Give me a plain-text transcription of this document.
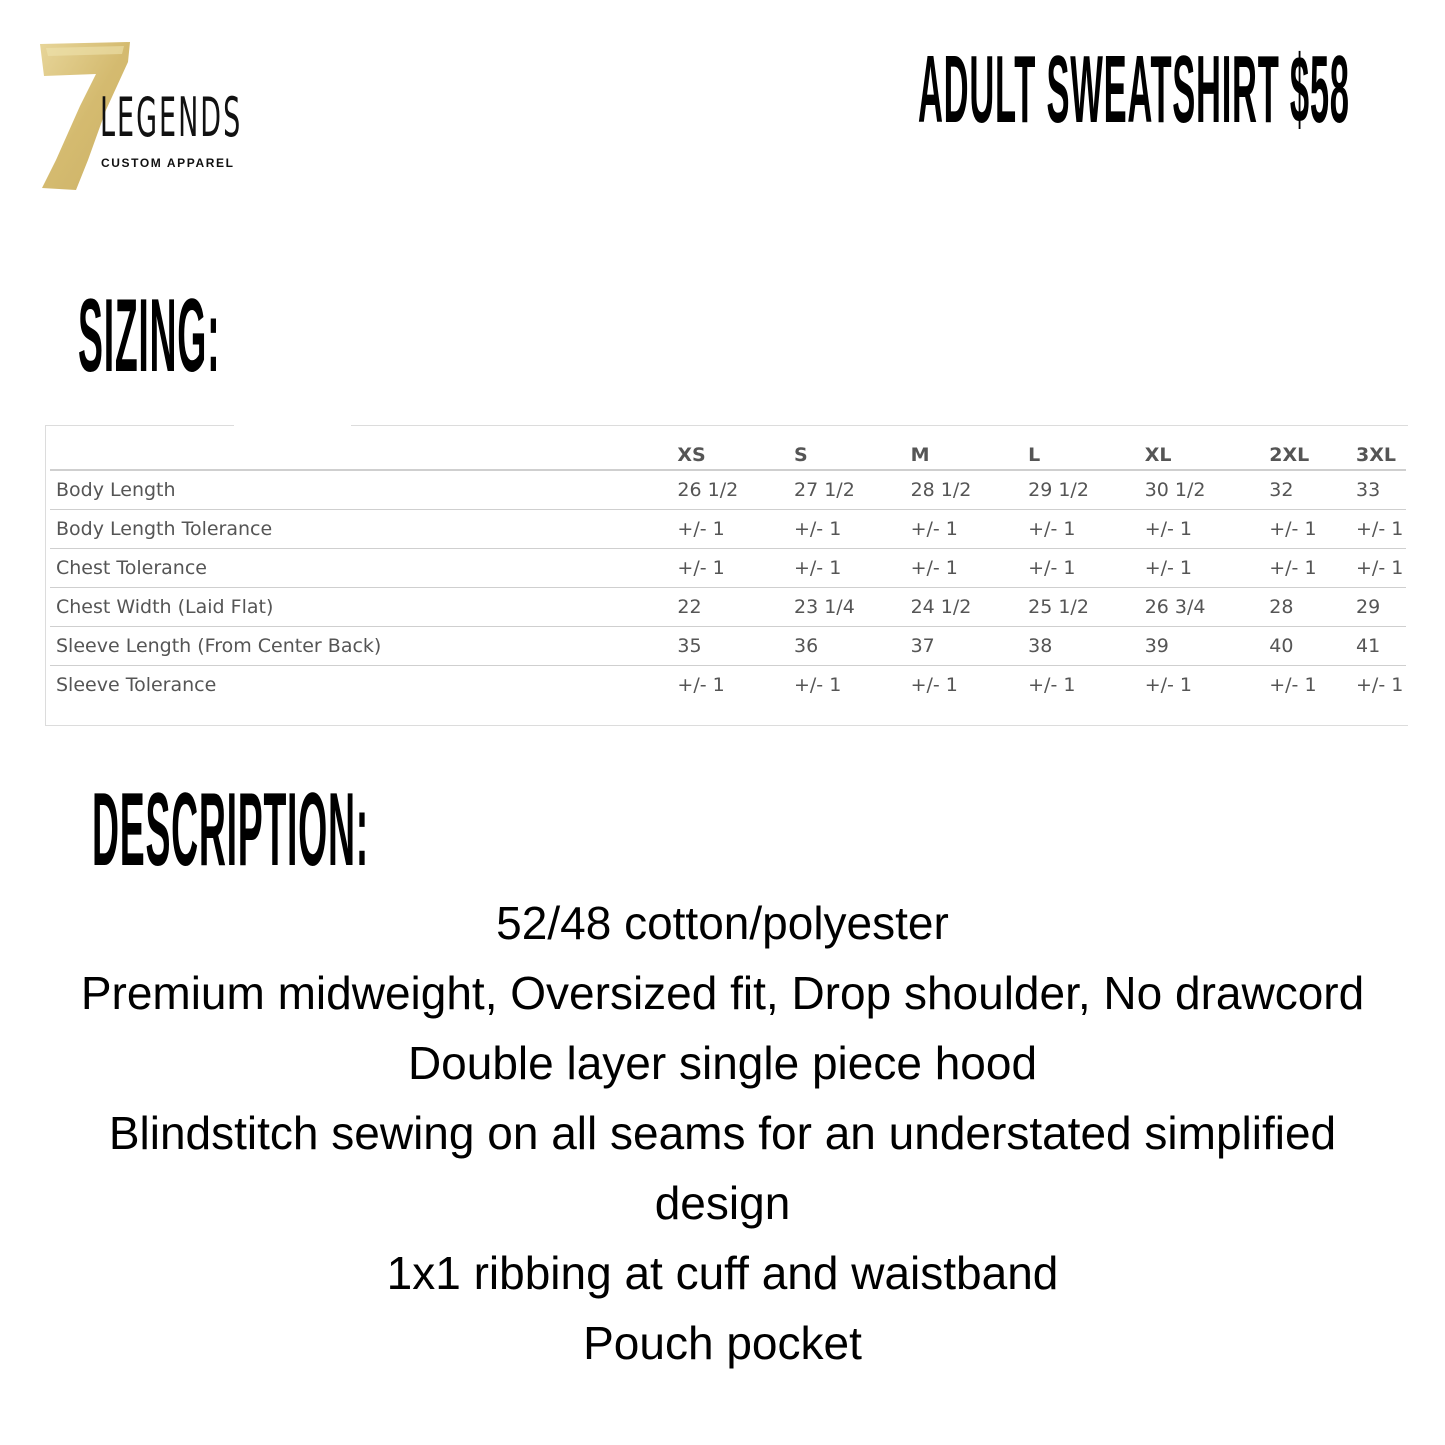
LEGENDS
CUSTOM APPAREL
ADULT SWEATSHIRT $58
SIZING:
	XS	S	M	L	XL	2XL	3XL
Body Length	26 1/2	27 1/2	28 1/2	29 1/2	30 1/2	32	33
Body Length Tolerance	+/- 1	+/- 1	+/- 1	+/- 1	+/- 1	+/- 1	+/- 1
Chest Tolerance	+/- 1	+/- 1	+/- 1	+/- 1	+/- 1	+/- 1	+/- 1
Chest Width (Laid Flat)	22	23 1/4	24 1/2	25 1/2	26 3/4	28	29
Sleeve Length (From Center Back)	35	36	37	38	39	40	41
Sleeve Tolerance	+/- 1	+/- 1	+/- 1	+/- 1	+/- 1	+/- 1	+/- 1
DESCRIPTION:
52/48 cotton/polyester
Premium midweight, Oversized fit, Drop shoulder, No drawcord
Double layer single piece hood
Blindstitch sewing on all seams for an understated simplified
design
1x1 ribbing at cuff and waistband
Pouch pocket
